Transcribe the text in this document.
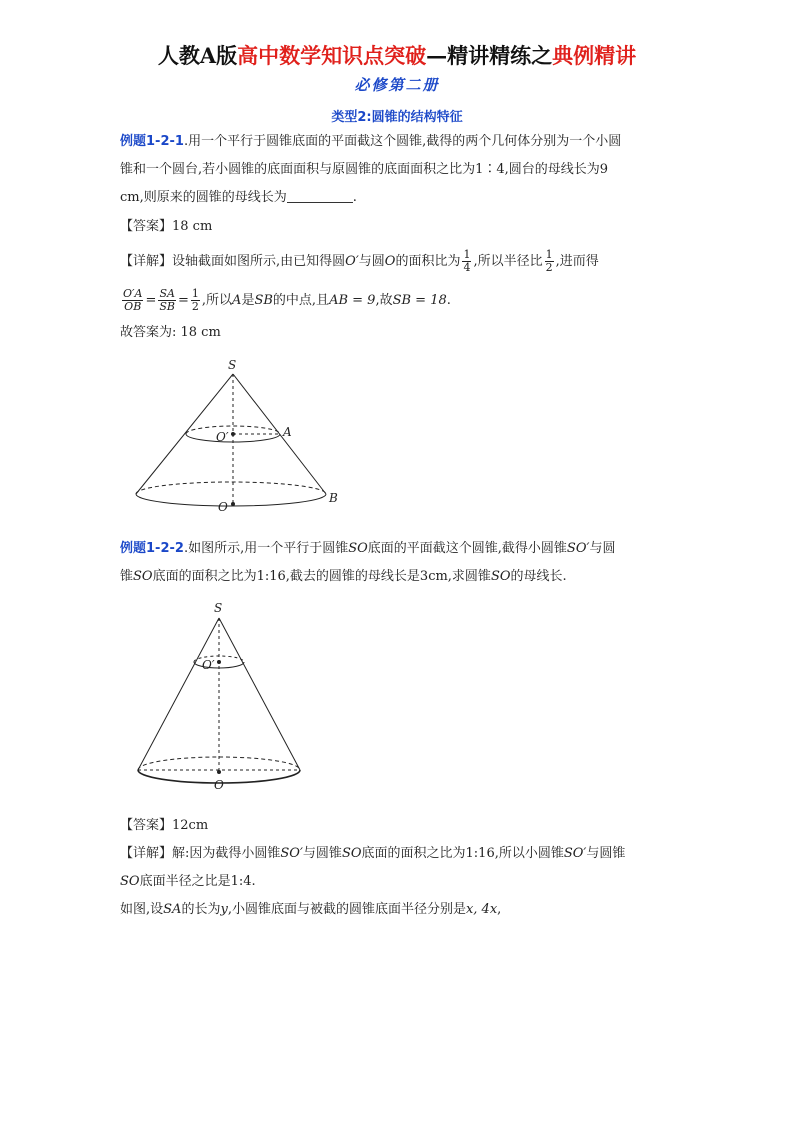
人教A版高中数学知识点突破—精讲精练之典例精讲
必修第二册
类型2:圆锥的结构特征
例题1-2-1.用一个平行于圆锥底面的平面截这个圆锥,截得的两个几何体分别为一个小圆
锥和一个圆台,若小圆锥的底面面积与原圆锥的底面面积之比为1∶4,圆台的母线长为9
cm,则原来的圆锥的母线长为	.
【答案】18 cm
【详解】设轴截面如图所示,由已知得圆O′与圆O的面积比为 $\frac{1}{4}$ ,所以半径比 $\frac{1}{2}$ ,进而得
$\frac{O'A}{OB} = \frac{SA}{SB} = \frac{1}{2}$ ,所以A是SB的中点,且AB = 9,故SB = 18.
故答案为: 18 cm
S
A
B
O
O′
例题1-2-2.如图所示,用一个平行于圆锥SO底面的平面截这个圆锥,截得小圆锥SO′与圆
锥SO底面的面积之比为1:16,截去的圆锥的母线长是3cm,求圆锥SO的母线长.
S
O′
O
【答案】12cm
【详解】解:因为截得小圆锥SO′与圆锥SO底面的面积之比为1:16,所以小圆锥SO′与圆锥
SO底面半径之比是1:4.
如图,设SA的长为y,小圆锥底面与被截的圆锥底面半径分别是x, 4x,
